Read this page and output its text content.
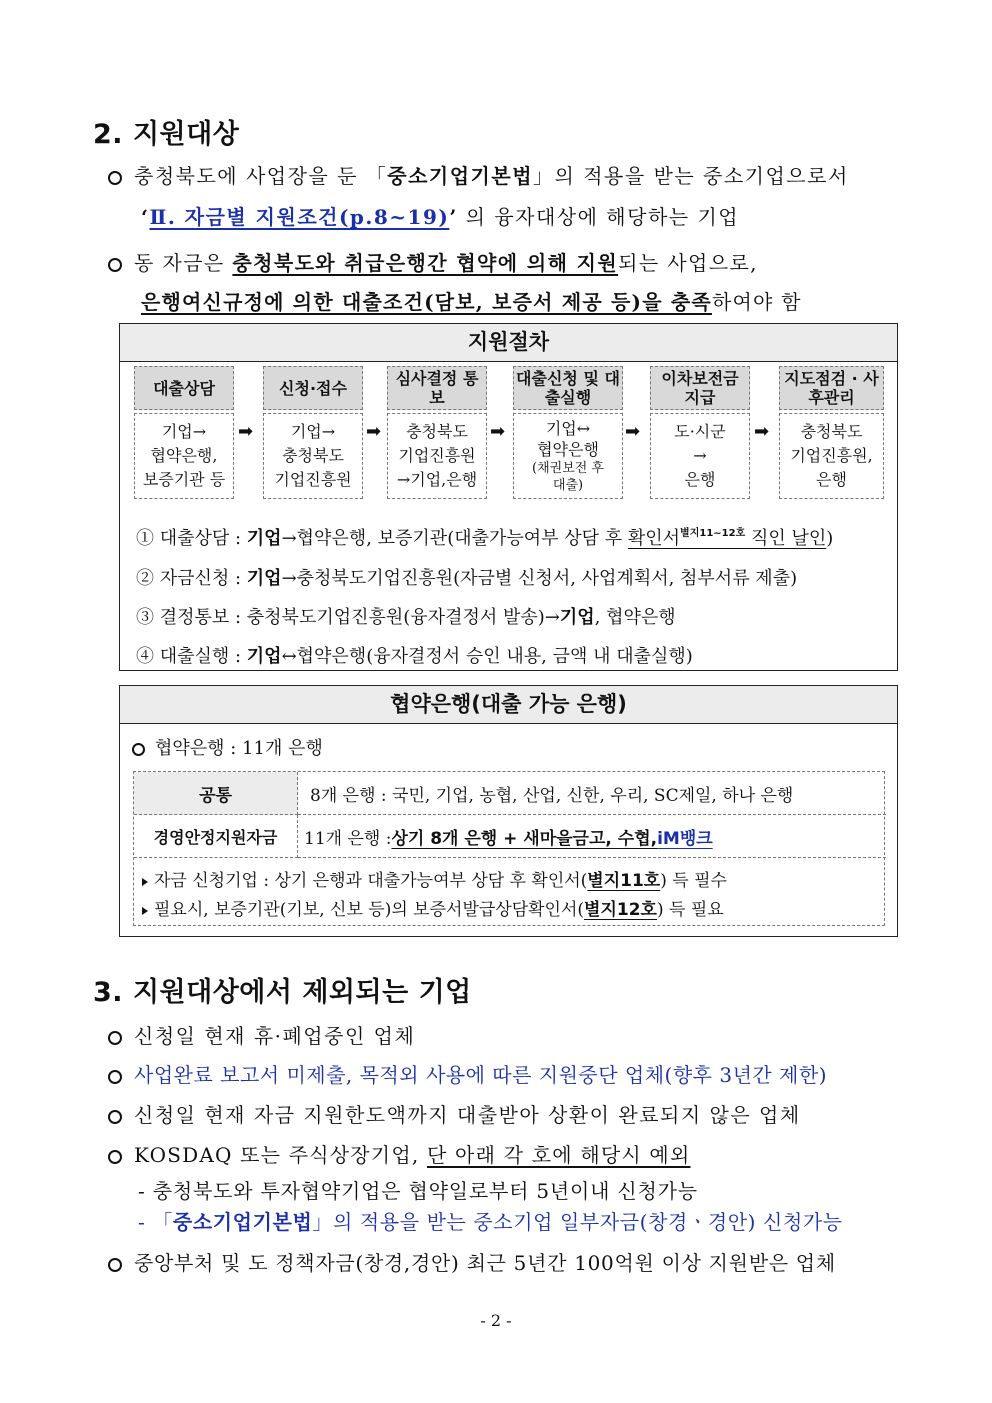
2. 지원대상
충청북도에 사업장을 둔 「중소기업기본법」의 적용을 받는 중소기업으로서
‘Ⅱ. 자금별 지원조건(p.8~19)’ 의 융자대상에 해당하는 기업
동 자금은 충청북도와 취급은행간 협약에 의해 지원되는 사업으로,
은행여신규정에 의한 대출조건(담보, 보증서 제공 등)을 충족하여야 함
지원절차
대출상담
기업→
협약은행,
보증기관 등
➡
신청·접수
기업→
충청북도
기업진흥원
➡
심사결정 통보
충청북도
기업진흥원
→기업,은행
➡
대출신청 및 대출실행
기업↔
협약은행
(채권보전 후
대출)
➡
이차보전금 지급
도·시군
→
은행
➡
지도점검 · 사후관리
충청북도
기업진흥원,
은행
① 대출상담 : 기업→협약은행, 보증기관(대출가능여부 상담 후 확인서$^{별지11\sim 12호}$ 직인 날인)
② 자금신청 : 기업→충청북도기업진흥원(자금별 신청서, 사업계획서, 첨부서류 제출)
③ 결정통보 : 충청북도기업진흥원(융자결정서 발송)→기업, 협약은행
④ 대출실행 : 기업↔협약은행(융자결정서 승인 내용, 금액 내 대출실행)
협약은행(대출 가능 은행)
협약은행 : 11개 은행
공통	8개 은행 : 국민, 기업, 농협, 산업, 신한, 우리, SC제일, 하나 은행
경영안정지원자금	11개 은행 : 상기 8개 은행 + 새마을금고, 수협, iM뱅크
자금 신청기업 : 상기 은행과 대출가능여부 상담 후 확인서(별지11호) 득 필수
필요시, 보증기관(기보, 신보 등)의 보증서발급상담확인서(별지12호) 득 필요
3. 지원대상에서 제외되는 기업
신청일 현재 휴·폐업중인 업체
사업완료 보고서 미제출, 목적외 사용에 따른 지원중단 업체(향후 3년간 제한)
신청일 현재 자금 지원한도액까지 대출받아 상환이 완료되지 않은 업체
KOSDAQ 또는 주식상장기업, 단 아래 각 호에 해당시 예외
- 충청북도와 투자협약기업은 협약일로부터 5년이내 신청가능
- 「중소기업기본법」의 적용을 받는 중소기업 일부자금(창경ㆍ경안) 신청가능
중앙부처 및 도 정책자금(창경,경안) 최근 5년간 100억원 이상 지원받은 업체
- 2 -
